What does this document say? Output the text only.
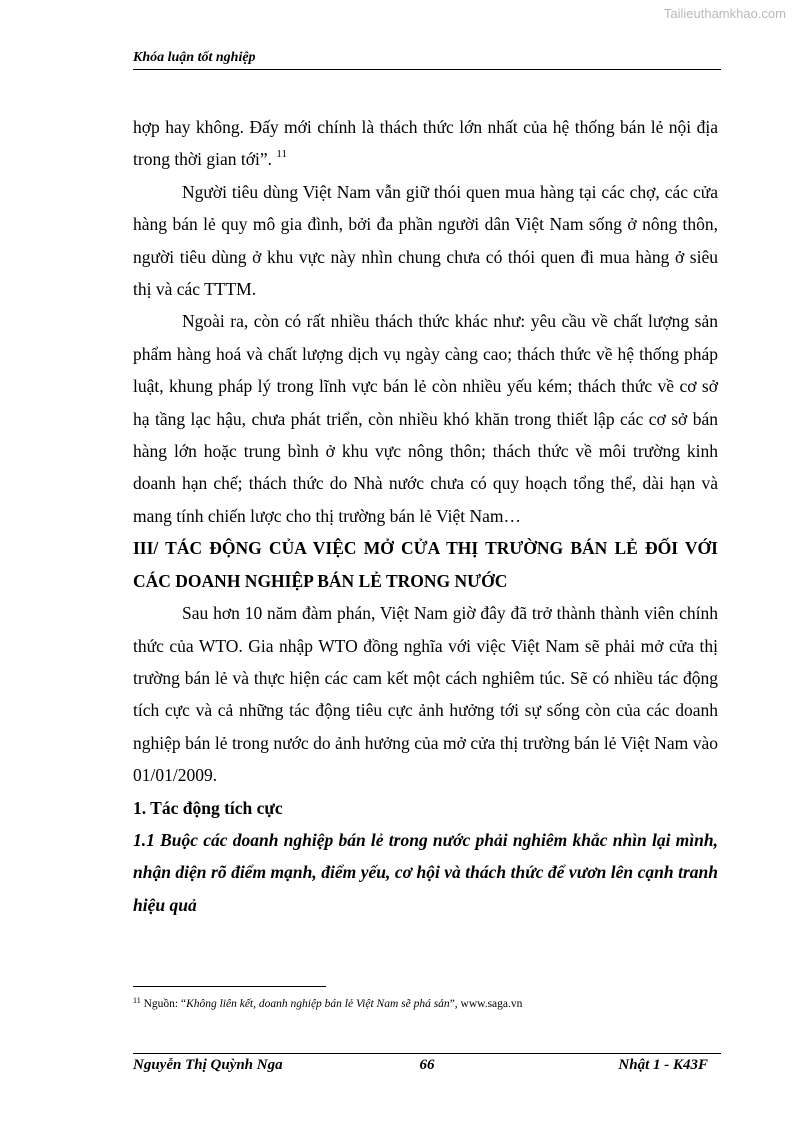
Tailieuthamkhao.com
Khóa luận tốt nghiệp

hợp hay không. Đấy mới chính là thách thức lớn nhất của hệ thống bán lẻ nội địa trong thời gian tới”. $^{11}$

Người tiêu dùng Việt Nam vẫn giữ thói quen mua hàng tại các chợ, các cửa hàng bán lẻ quy mô gia đình, bởi đa phần người dân Việt Nam sống ở nông thôn, người tiêu dùng ở khu vực này nhìn chung chưa có thói quen đi mua hàng ở siêu thị và các TTTM.

Ngoài ra, còn có rất nhiều thách thức khác như: yêu cầu về chất lượng sản phẩm hàng hoá và chất lượng dịch vụ ngày càng cao; thách thức về hệ thống pháp luật, khung pháp lý trong lĩnh vực bán lẻ còn nhiều yếu kém; thách thức về cơ sở hạ tầng lạc hậu, chưa phát triển, còn nhiều khó khăn trong thiết lập các cơ sở bán hàng lớn hoặc trung bình ở khu vực nông thôn; thách thức về môi trường kinh doanh hạn chế; thách thức do Nhà nước chưa có quy hoạch tổng thể, dài hạn và mang tính chiến lược cho thị trường bán lẻ Việt Nam…

III/ TÁC ĐỘNG CỦA VIỆC MỞ CỬA THỊ TRƯỜNG BÁN LẺ ĐỐI VỚI CÁC DOANH NGHIỆP BÁN LẺ TRONG NƯỚC

Sau hơn 10 năm đàm phán, Việt Nam giờ đây đã trở thành thành viên chính thức của WTO. Gia nhập WTO đồng nghĩa với việc Việt Nam sẽ phải mở cửa thị trường bán lẻ và thực hiện các cam kết một cách nghiêm túc. Sẽ có nhiều tác động tích cực và cả những tác động tiêu cực ảnh hưởng tới sự sống còn của các doanh nghiệp bán lẻ trong nước do ảnh hưởng của mở cửa thị trường bán lẻ Việt Nam vào 01/01/2009.

1. Tác động tích cực

1.1 Buộc các doanh nghiệp bán lẻ trong nước phải nghiêm khắc nhìn lại mình, nhận diện rõ điểm mạnh, điểm yếu, cơ hội và thách thức để vươn lên cạnh tranh hiệu quả

$^{11}$ Nguồn: “Không liên kết, doanh nghiệp bán lẻ Việt Nam sẽ phá sản”, www.saga.vn
Nguyễn Thị Quỳnh Nga	66	Nhật 1 - K43F
